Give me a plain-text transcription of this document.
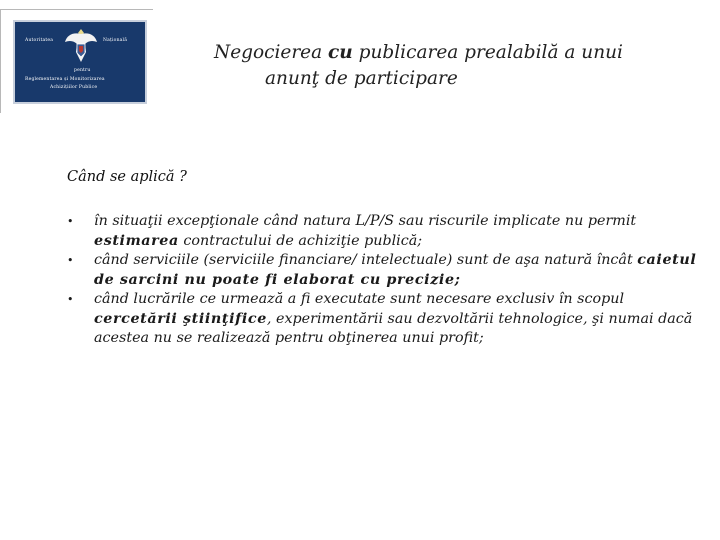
Autoritatea	Națională
pentru
Reglementarea și Monitorizarea
Achizițiilor Publice
Negocierea cu publicarea prealabilă a unui
anunţ de participare
Când se aplică ?
• în situaţii excepţionale când natura L/P/S sau riscurile implicate nu permit estimarea contractului de achiziţie publică;
• când serviciile (serviciile financiare/ intelectuale) sunt de aşa natură încât caietul de sarcini nu poate fi elaborat cu precizie;
• când lucrările ce urmează a fi executate sunt necesare exclusiv în scopul cercetării ştiinţifice, experimentării sau dezvoltării tehnologice, şi numai dacă acestea nu se realizează pentru obţinerea unui profit;
